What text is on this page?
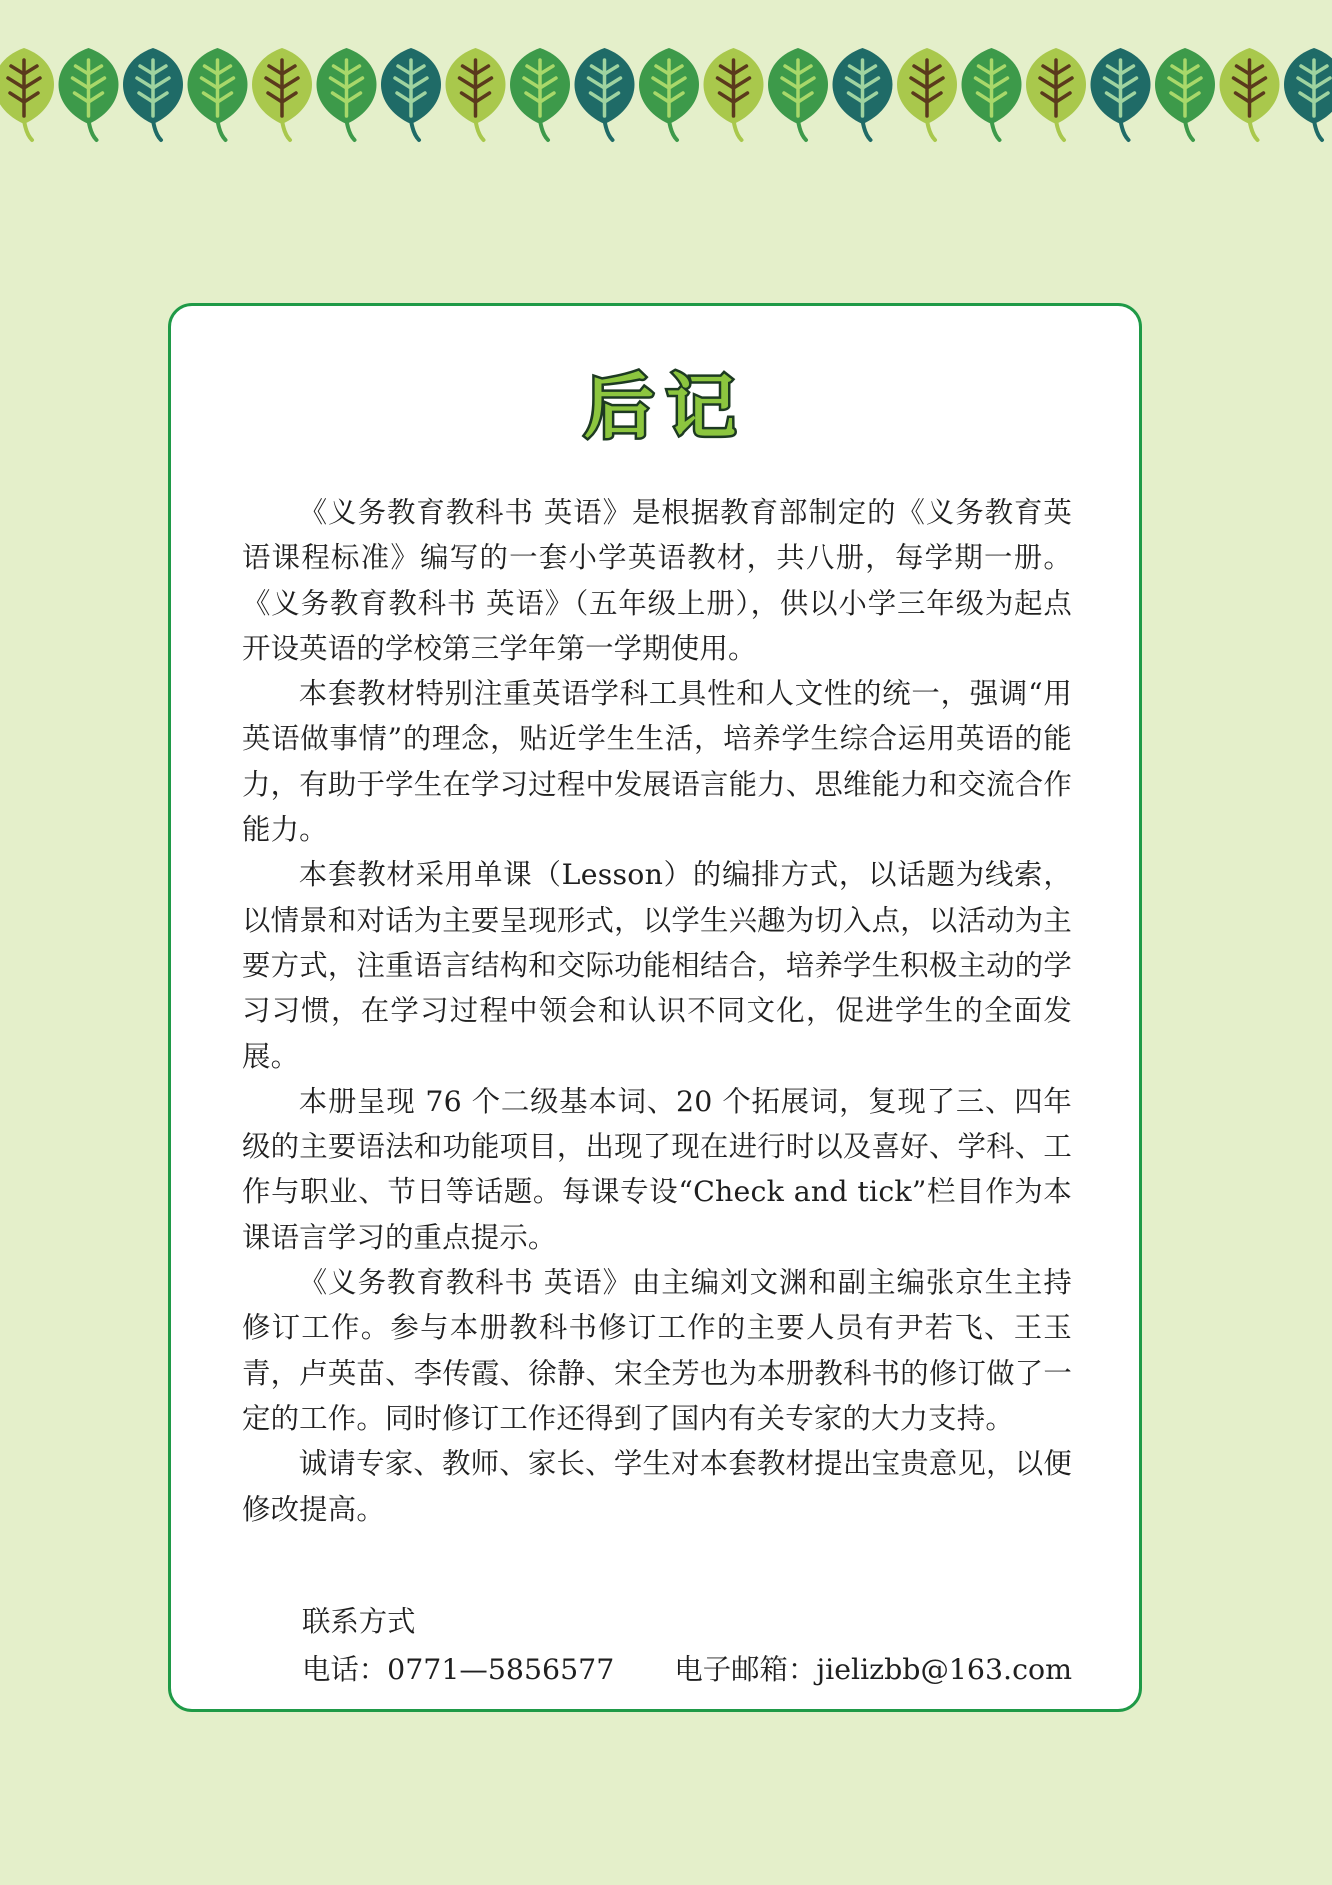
后记

《义务教育教科书 英语》是根据教育部制定的《义务教育英语课程标准》编写的一套小学英语教材，共八册，每学期一册。《义务教育教科书 英语》（五年级上册），供以小学三年级为起点开设英语的学校第三学年第一学期使用。

本套教材特别注重英语学科工具性和人文性的统一，强调“用英语做事情”的理念，贴近学生生活，培养学生综合运用英语的能力，有助于学生在学习过程中发展语言能力、思维能力和交流合作能力。

本套教材采用单课（Lesson）的编排方式，以话题为线索，以情景和对话为主要呈现形式，以学生兴趣为切入点，以活动为主要方式，注重语言结构和交际功能相结合，培养学生积极主动的学习习惯，在学习过程中领会和认识不同文化，促进学生的全面发展。

本册呈现 76 个二级基本词、20 个拓展词，复现了三、四年级的主要语法和功能项目，出现了现在进行时以及喜好、学科、工作与职业、节日等话题。每课专设“Check and tick”栏目作为本课语言学习的重点提示。

《义务教育教科书 英语》由主编刘文渊和副主编张京生主持修订工作。参与本册教科书修订工作的主要人员有尹若飞、王玉青，卢英苗、李传霞、徐静、宋全芳也为本册教科书的修订做了一定的工作。同时修订工作还得到了国内有关专家的大力支持。

诚请专家、教师、家长、学生对本套教材提出宝贵意见，以便修改提高。

联系方式
电话：0771—5856577 电子邮箱：jielizbb@163.com
